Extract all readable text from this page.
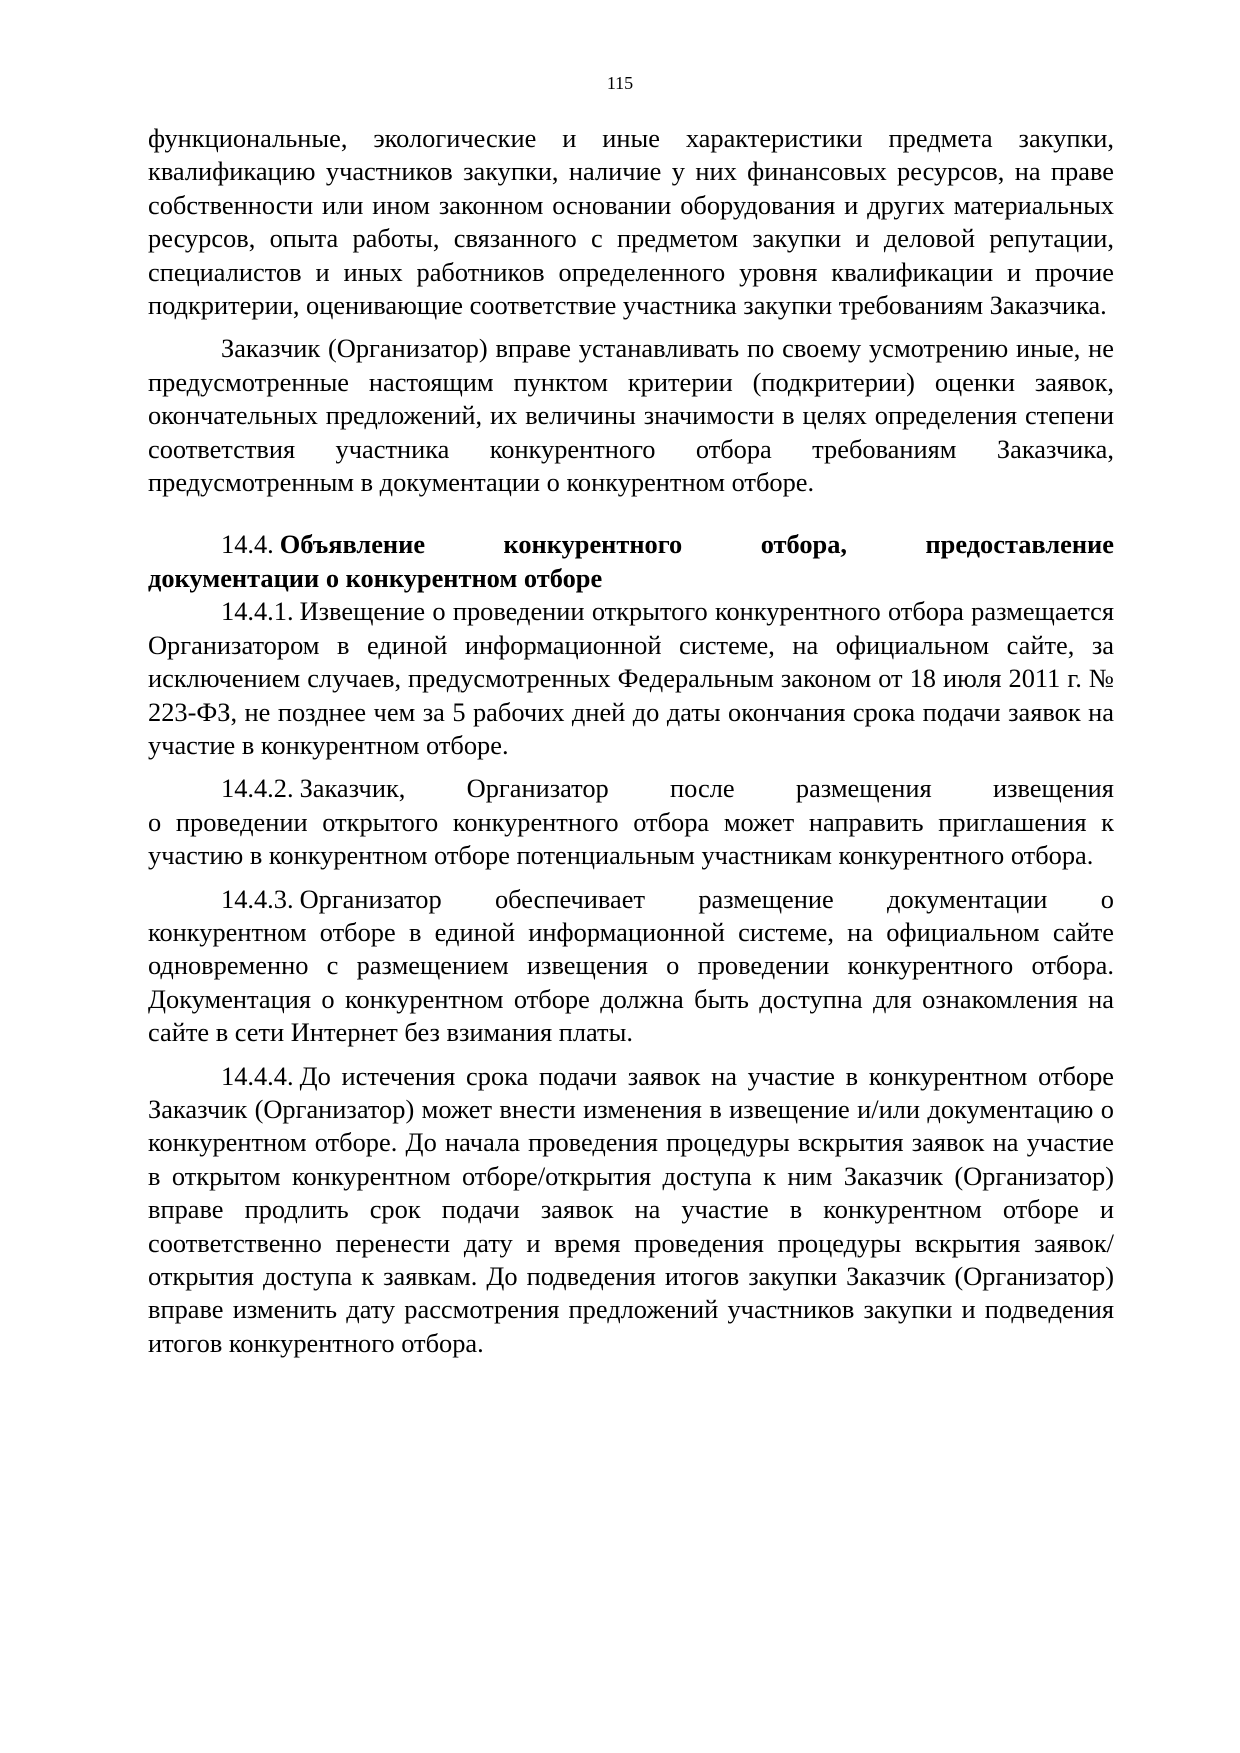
115

функциональные, экологические и иные характеристики предмета закупки, квалификацию участников закупки, наличие у них финансовых ресурсов, на праве собственности или ином законном основании оборудования и других материальных ресурсов, опыта работы, связанного с предметом закупки и деловой репутации, специалистов и иных работников определенного уровня квалификации и прочие подкритерии, оценивающие соответствие участника закупки требованиям Заказчика.

Заказчик (Организатор) вправе устанавливать по своему усмотрению иные, не предусмотренные настоящим пунктом критерии (подкритерии) оценки заявок, окончательных предложений, их величины значимости в целях определения степени соответствия участника конкурентного отбора требованиям Заказчика, предусмотренным в документации о конкурентном отборе.

14.4. Объявление	конкурентного	отбора,	предоставление
документации о конкурентном отборе

14.4.1. Извещение о проведении открытого конкурентного отбора размещается Организатором в единой информационной системе, на официальном сайте, за исключением случаев, предусмотренных Федеральным законом от 18 июля 2011 г. № 223-ФЗ, не позднее чем за 5 рабочих дней до даты окончания срока подачи заявок на участие в конкурентном отборе.

14.4.2. Заказчик, Организатор после размещения извещения

о проведении открытого конкурентного отбора может направить приглашения к участию в конкурентном отборе потенциальным участникам конкурентного отбора.

14.4.3. Организатор обеспечивает размещение документации о

конкурентном отборе в единой информационной системе, на официальном сайте одновременно с размещением извещения о проведении конкурентного отбора. Документация о конкурентном отборе должна быть доступна для ознакомления на сайте в сети Интернет без взимания платы.

14.4.4. До истечения срока подачи заявок на участие в конкурентном отборе Заказчик (Организатор) может внести изменения в извещение и/или документацию о конкурентном отборе. До начала проведения процедуры вскрытия заявок на участие в открытом конкурентном отборе/открытия доступа к ним Заказчик (Организатор) вправе продлить срок подачи заявок на участие в конкурентном отборе и соответственно перенести дату и время проведения процедуры вскрытия заявок/открытия доступа к заявкам. До подведения итогов закупки Заказчик (Организатор) вправе изменить дату рассмотрения предложений участников закупки и подведения итогов конкурентного отбора.
